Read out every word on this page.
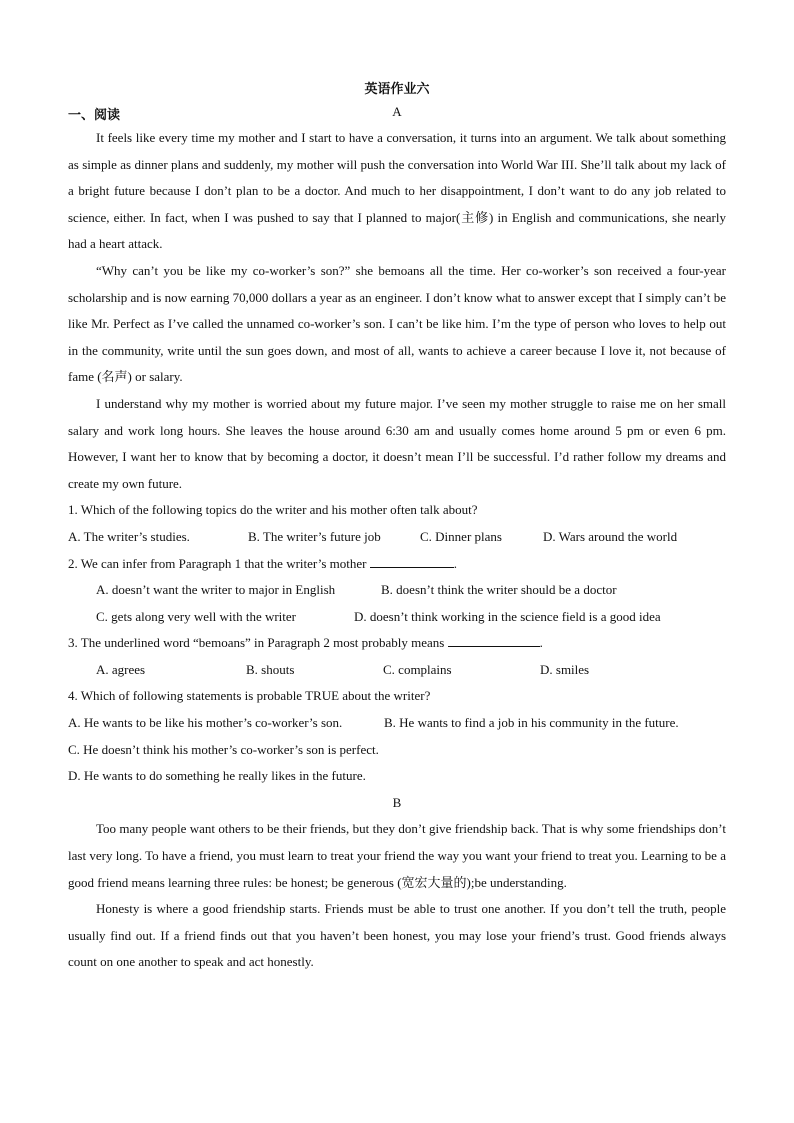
英语作业六
A
一、阅读

It feels like every time my mother and I start to have a conversation, it turns into an argument. We talk about something as simple as dinner plans and suddenly, my mother will push the conversation into World War III. She’ll talk about my lack of a bright future because I don’t plan to be a doctor. And much to her disappointment, I don’t want to do any job related to science, either. In fact, when I was pushed to say that I planned to major(主修) in English and communications, she nearly had a heart attack.

“Why can’t you be like my co-worker’s son?” she bemoans all the time. Her co-worker’s son received a four-year scholarship and is now earning 70,000 dollars a year as an engineer. I don’t know what to answer except that I simply can’t be like Mr. Perfect as I’ve called the unnamed co-worker’s son. I can’t be like him. I’m the type of person who loves to help out in the community, write until the sun goes down, and most of all, wants to achieve a career because I love it, not because of fame (名声) or salary.

I understand why my mother is worried about my future major. I’ve seen my mother struggle to raise me on her small salary and work long hours. She leaves the house around 6:30 am and usually comes home around 5 pm or even 6 pm. However, I want her to know that by becoming a doctor, it doesn’t mean I’ll be successful. I’d rather follow my dreams and create my own future.

1. Which of the following topics do the writer and his mother often talk about?

A. The writer’s studies.	B. The writer’s future job	C. Dinner plans	D. Wars around the world

2. We can infer from Paragraph 1 that the writer’s mother	.

A. doesn’t want the writer to major in English	B. doesn’t think the writer should be a doctor
C. gets along very well with the writer	D. doesn’t think working in the science field is a good idea

3. The underlined word “bemoans” in Paragraph 2 most probably means	.

A. agrees	B. shouts	C. complains	D. smiles

4. Which of following statements is probable TRUE about the writer?

A. He wants to be like his mother’s co-worker’s son.	B. He wants to find a job in his community in the future.

C. He doesn’t think his mother’s co-worker’s son is perfect.

D. He wants to do something he really likes in the future.

B

Too many people want others to be their friends, but they don’t give friendship back. That is why some friendships don’t last very long. To have a friend, you must learn to treat your friend the way you want your friend to treat you. Learning to be a good friend means learning three rules: be honest; be generous (宽宏大量的);be understanding.

Honesty is where a good friendship starts. Friends must be able to trust one another. If you don’t tell the truth, people usually find out. If a friend finds out that you haven’t been honest, you may lose your friend’s trust. Good friends always count on one another to speak and act honestly.
